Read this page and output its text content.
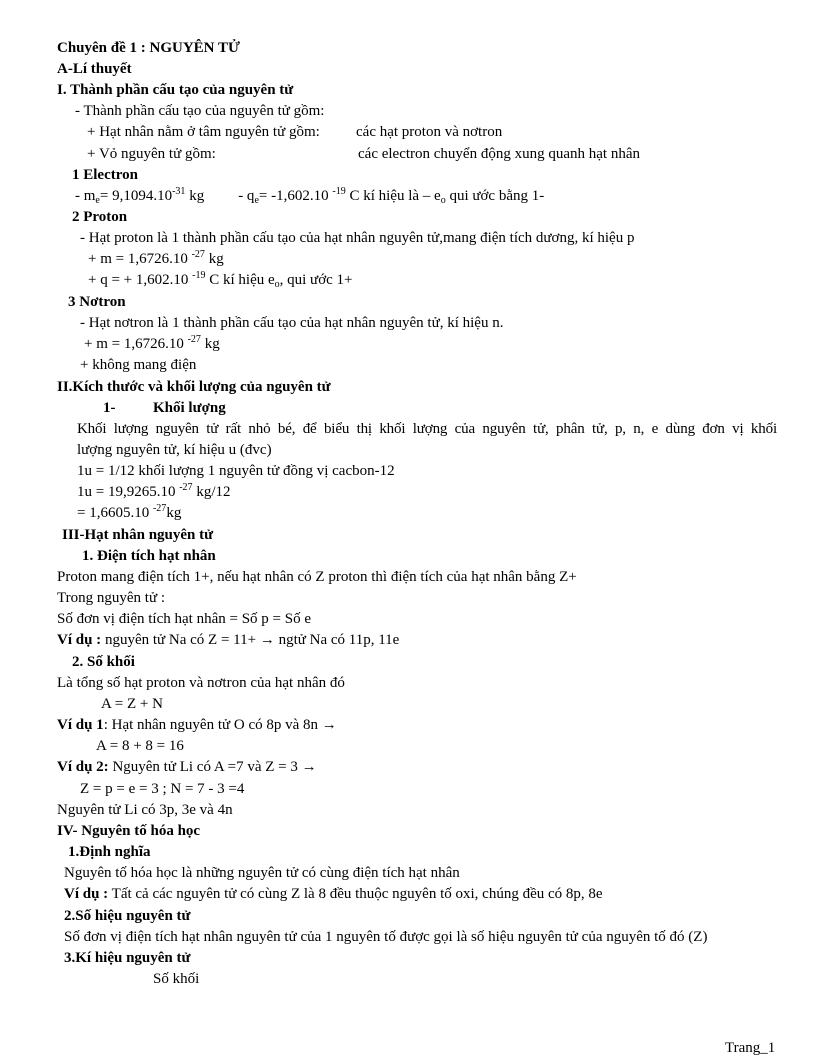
Chuyên đề 1 : NGUYÊN TỬ
A-Lí thuyết
I. Thành phần cấu tạo của nguyên tử
- Thành phần cấu tạo của nguyên tử gồm:
+ Hạt nhân nằm ở tâm nguyên tử gồm: các hạt proton và nơtron
+ Vỏ nguyên tử gồm:	các electron chuyển động xung quanh hạt nhân
1 Electron
- $m_e= 9,1094.10^{-31}$ kg - $q_e= -1,602.10$ $^{-19}$ C kí hiệu là – $e_o$ qui ước bằng 1-
2 Proton
- Hạt proton là 1 thành phần cấu tạo của hạt nhân nguyên tử,mang điện tích dương, kí hiệu p
+ m = 1,6726.10 $^{-27}$ kg
+ q = + 1,602.10 $^{-19}$ C kí hiệu $e_o$, qui ước 1+
3 Nơtron
- Hạt nơtron là 1 thành phần cấu tạo của hạt nhân nguyên tử, kí hiệu n.
+ m = 1,6726.10 $^{-27}$ kg
+ không mang điện
II.Kích thước và khối lượng của nguyên tử
1-	Khối lượng
Khối lượng nguyên tử rất nhỏ bé, để biểu thị khối lượng của nguyên tử, phân tử, p, n, e dùng đơn vị khối
lượng nguyên tử, kí hiệu u (đvc)
1u = 1/12 khối lượng 1 nguyên tử đồng vị cacbon-12
1u = 19,9265.10 $^{-27}$ kg/12
= 1,6605.10 $^{-27}$kg
III-Hạt nhân nguyên tử
1. Điện tích hạt nhân
Proton mang điện tích 1+, nếu hạt nhân có Z proton thì điện tích của hạt nhân bằng Z+
Trong nguyên tử :
Số đơn vị điện tích hạt nhân = Số p = Số e
Ví dụ : nguyên tử Na có Z = 11+ → ngtử Na có 11p, 11e
2. Số khối
Là tổng số hạt proton và nơtron của hạt nhân đó
A = Z + N
Ví dụ 1: Hạt nhân nguyên tử O có 8p và 8n →
A = 8 + 8 = 16
Ví dụ 2: Nguyên tử Li có A =7 và Z = 3 →
Z = p = e = 3 ; N = 7 - 3 =4
Nguyên tử Li có 3p, 3e và 4n
IV- Nguyên tố hóa học
1.Định nghĩa
Nguyên tố hóa học là những nguyên tử có cùng điện tích hạt nhân
Ví dụ : Tất cả các nguyên tử có cùng Z là 8 đều thuộc nguyên tố oxi, chúng đều có 8p, 8e
2.Số hiệu nguyên tử
Số đơn vị điện tích hạt nhân nguyên tử của 1 nguyên tố được gọi là số hiệu nguyên tử của nguyên tố đó (Z)
3.Kí hiệu nguyên tử
Số khối
Trang_1
